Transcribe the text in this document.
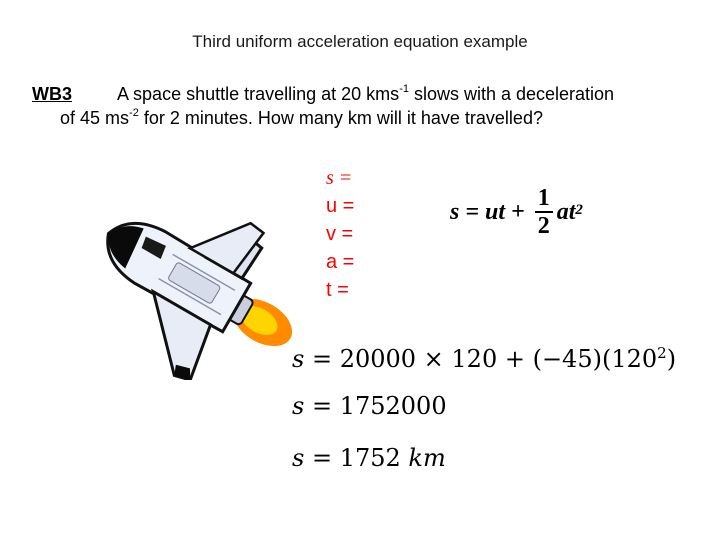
Third uniform acceleration equation example
WB3	A space shuttle travelling at 20 kms$^{-1}$ slows with a deceleration
of 45 $ms^{-2}$ for 2 minutes. How many km will it have travelled?
s =
u =
v =
a =
t =
s = ut + $\frac{1}{2} at^2$
$s = 20000 \times 120 + (-45)(120^2)$
s = 1752000
s = 1752 km
